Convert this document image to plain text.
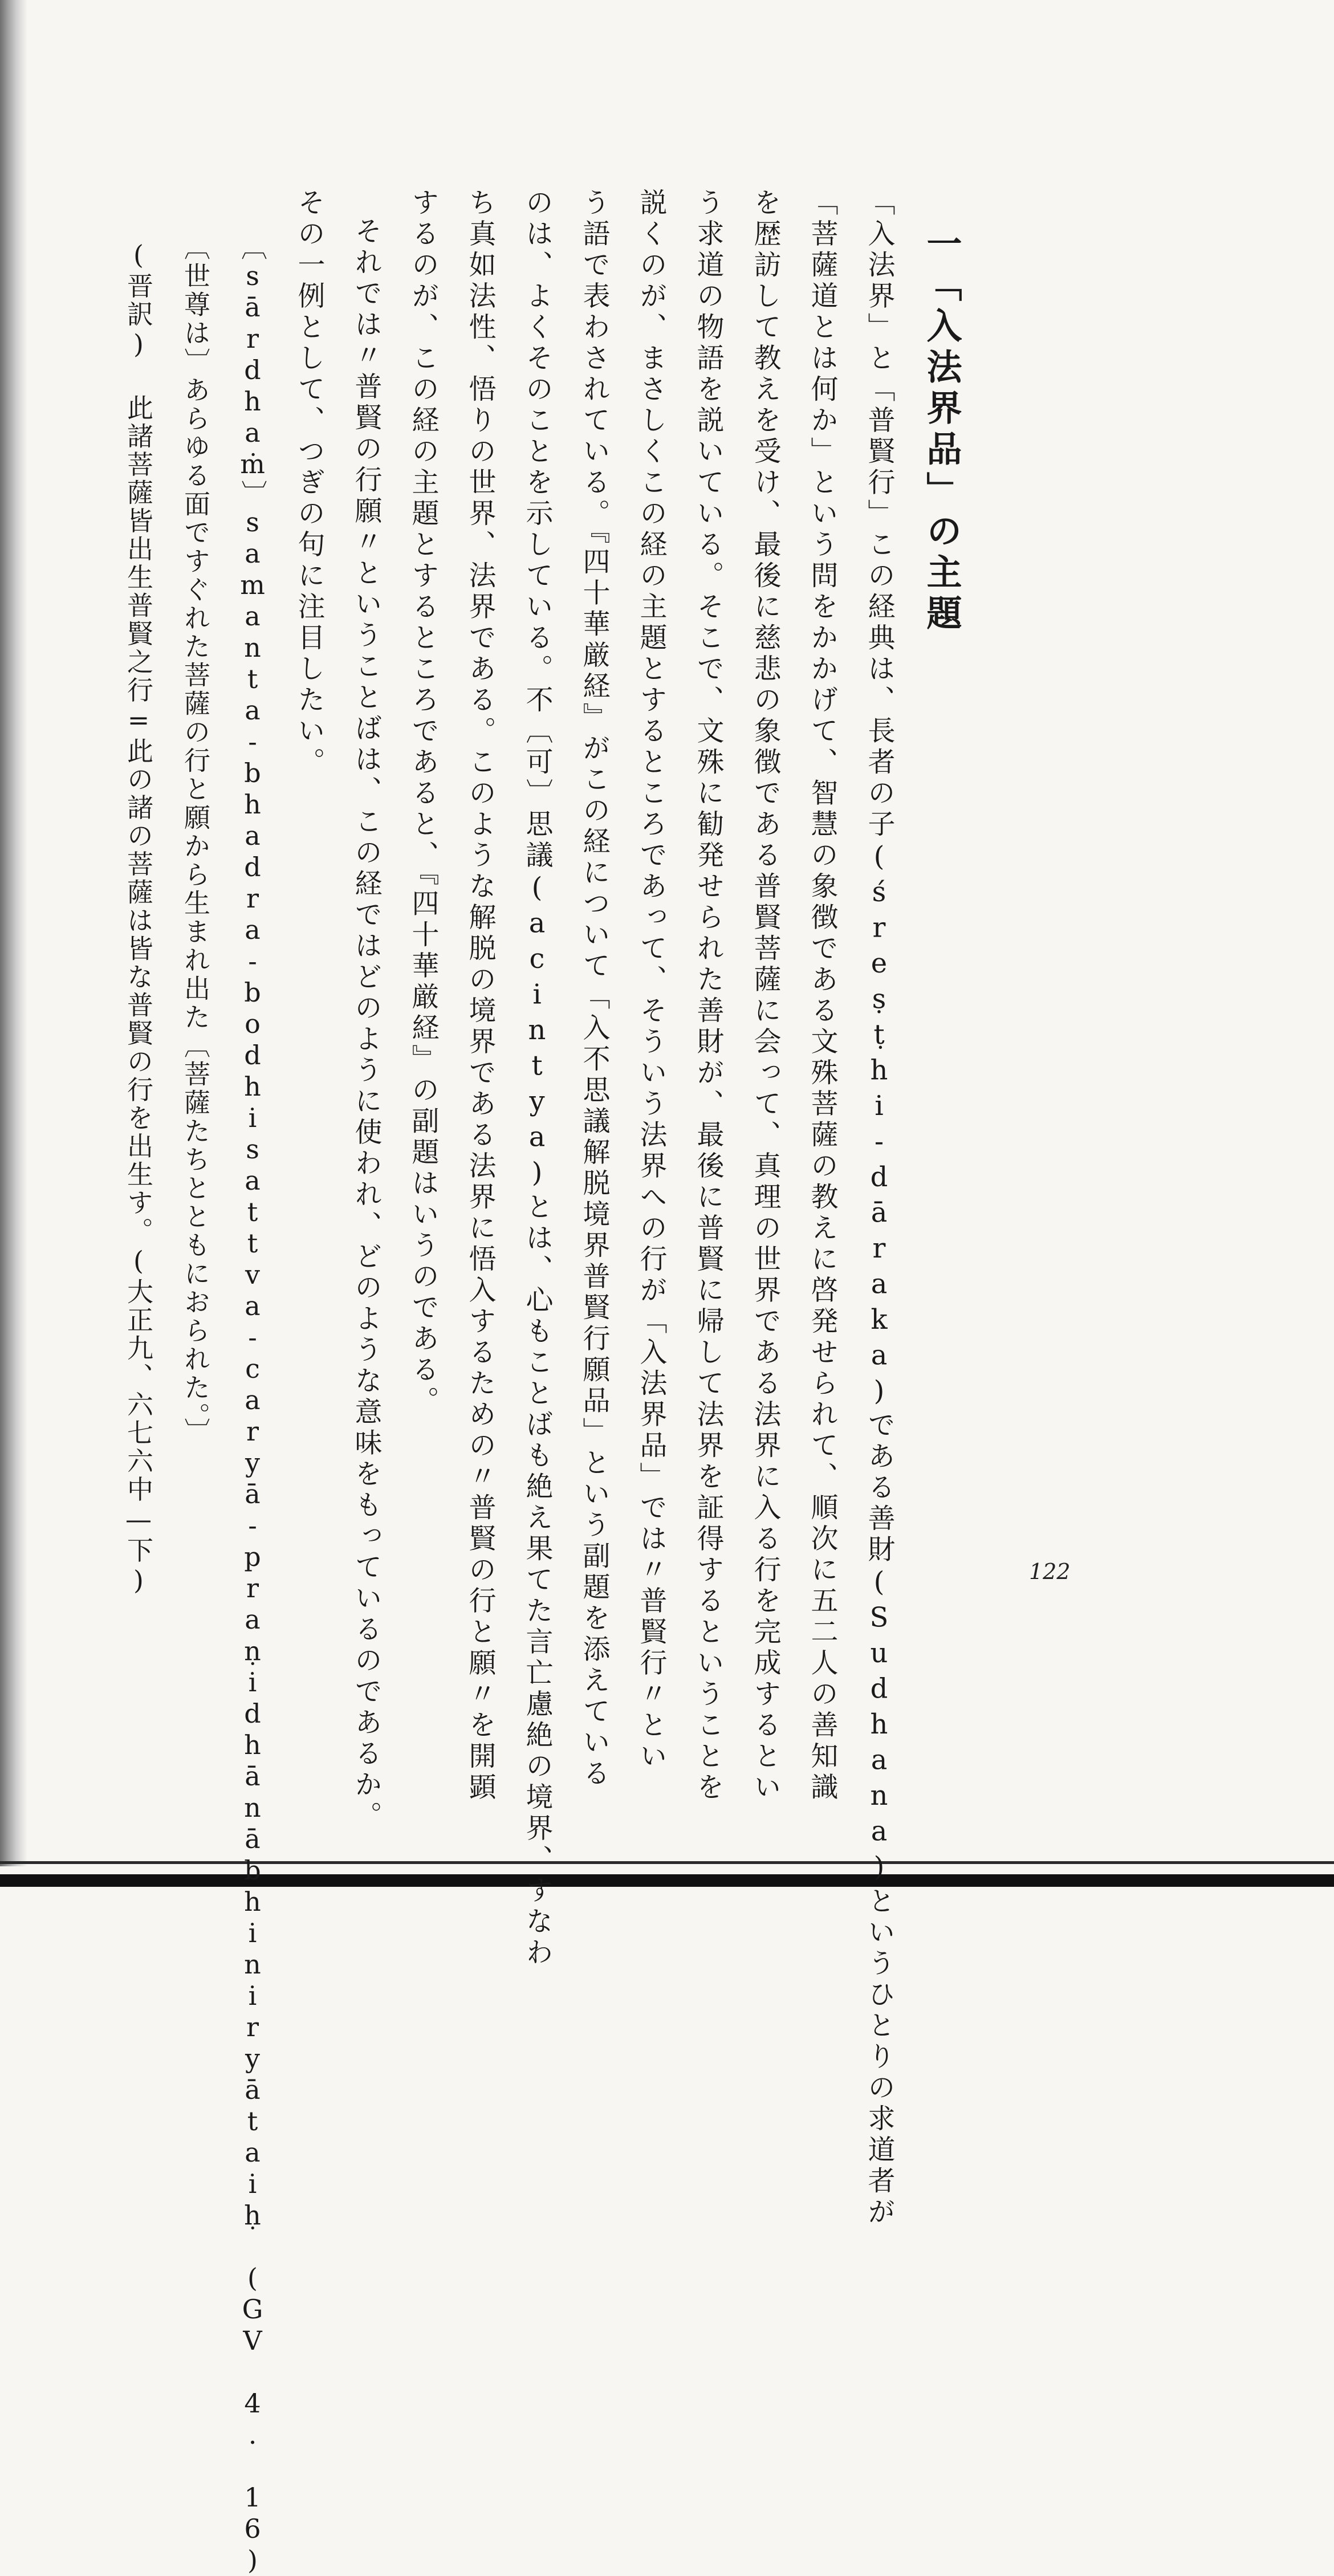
一「入法界品」の主題

「入法界」と「普賢行」この経典は、長者の子(śreṣṭhi-dāraka)である善財(Sudhana)というひとりの求道者が

「菩薩道とは何か」という問をかかげて、智慧の象徴である文殊菩薩の教えに啓発せられて、順次に五二人の善知識

を歴訪して教えを受け、最後に慈悲の象徴である普賢菩薩に会って、真理の世界である法界に入る行を完成するとい

う求道の物語を説いている。そこで、文殊に勧発せられた善財が、最後に普賢に帰して法界を証得するということを

説くのが、まさしくこの経の主題とするところであって、そういう法界への行が「入法界品」では〃普賢行〃とい

う語で表わされている。『四十華厳経』がこの経について「入不思議解脱境界普賢行願品」という副題を添えている

のは、よくそのことを示している。不〔可〕思議(acintya)とは、心もことばも絶え果てた言亡慮絶の境界、すなわ

ち真如法性、悟りの世界、法界である。このような解脱の境界である法界に悟入するための〃普賢の行と願〃を開顕

するのが、この経の主題とするところであると、『四十華厳経』の副題はいうのである。

それでは〃普賢の行願〃ということばは、この経ではどのように使われ、どのような意味をもっているのであるか。

その一例として、つぎの句に注目したい。

〔sārdhaṁ〕samanta-bhadra-bodhisattva-caryā-praṇidhānābhiniryātaiḥ (GV 4. 16)

〔世尊は〕あらゆる面ですぐれた菩薩の行と願から生まれ出た〔菩薩たちとともにおられた。〕

(晋訳) 此諸菩薩皆出生普賢之行=此の諸の菩薩は皆な普賢の行を出生す。(大正九、六七六中—下)	122
